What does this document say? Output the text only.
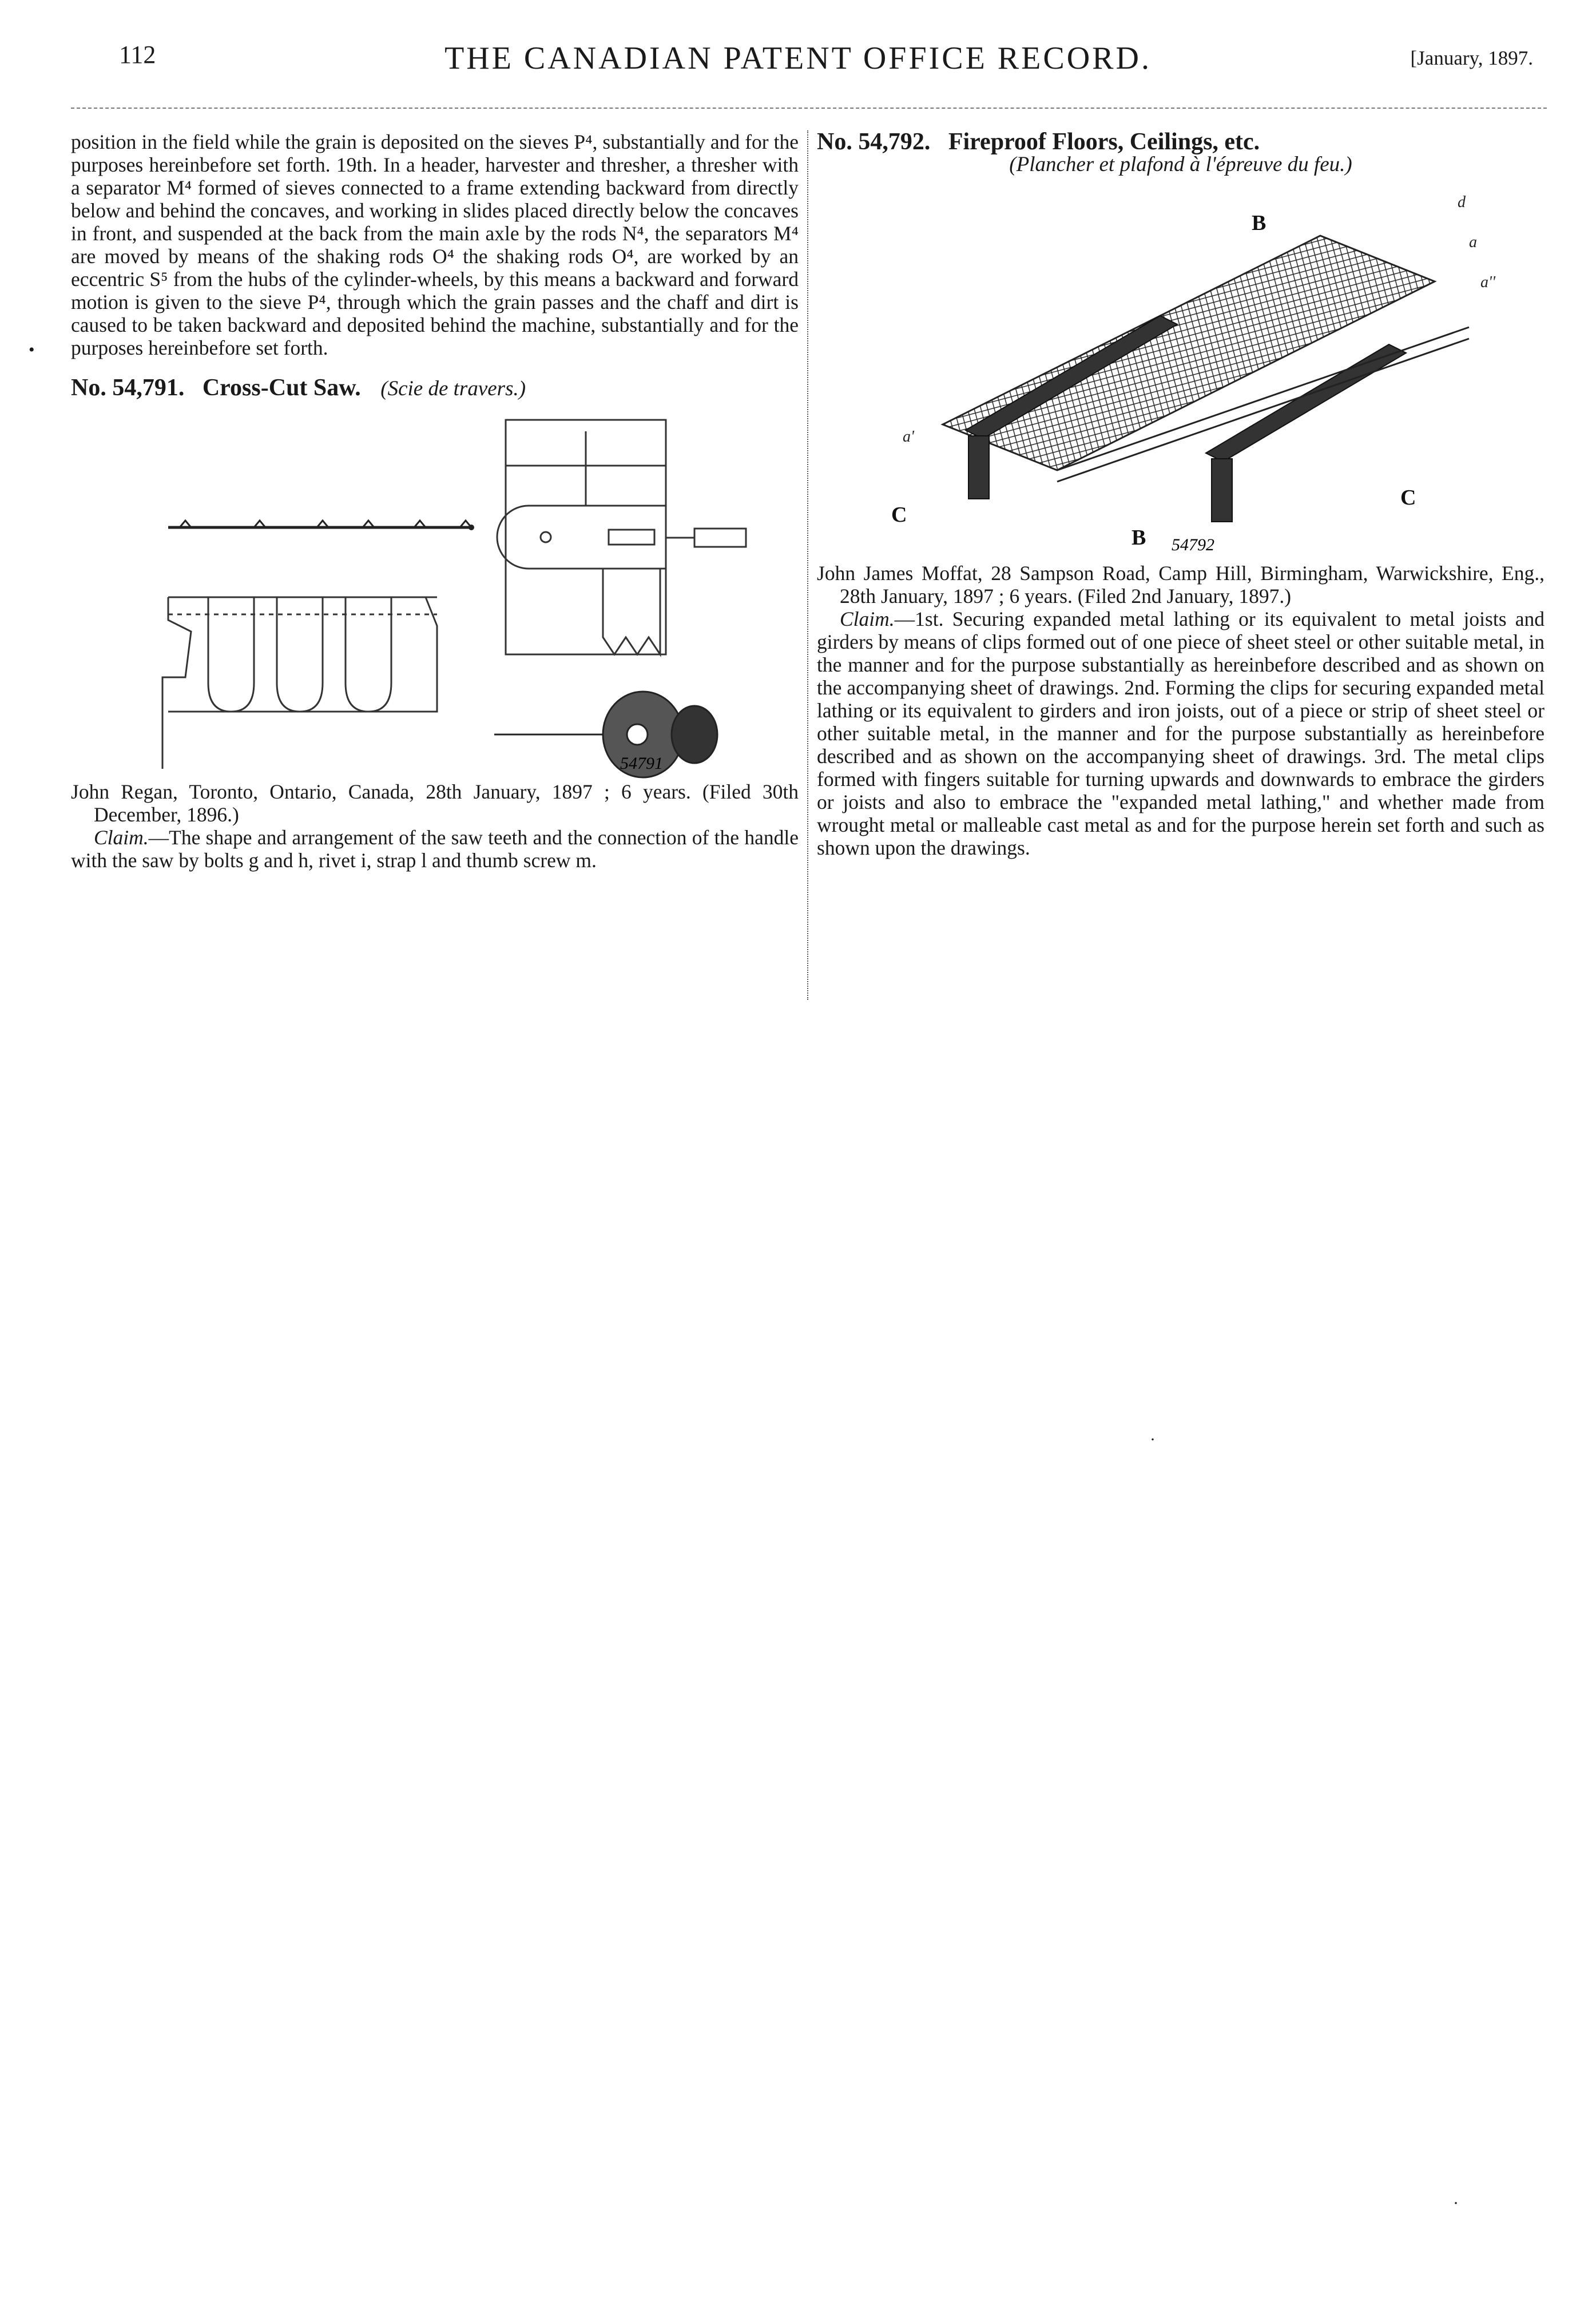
112	THE CANADIAN PATENT OFFICE RECORD.	[January, 1897.

position in the field while the grain is deposited on the sieves P⁴, substantially and for the purposes hereinbefore set forth. 19th. In a header, harvester and thresher, a thresher with a separator M⁴ formed of sieves connected to a frame extending backward from directly below and behind the concaves, and working in slides placed directly below the concaves in front, and suspended at the back from the main axle by the rods N⁴, the separators M⁴ are moved by means of the shaking rods O⁴ the shaking rods O⁴, are worked by an eccentric S⁵ from the hubs of the cylinder-wheels, by this means a backward and forward motion is given to the sieve P⁴, through which the grain passes and the chaff and dirt is caused to be taken backward and deposited behind the machine, substantially and for the purposes hereinbefore set forth.

No. 54,791. Cross-Cut Saw. (Scie de travers.)

54791

John Regan, Toronto, Ontario, Canada, 28th January, 1897 ; 6 years. (Filed 30th December, 1896.)

Claim.—The shape and arrangement of the saw teeth and the connection of the handle with the saw by bolts g and h, rivet i, strap l and thumb screw m.

No. 54,792. Fireproof Floors, Ceilings, etc.

(Plancher et plafond à l'épreuve du feu.)

B
B
C
C
d
a
a'
a''
54792

John James Moffat, 28 Sampson Road, Camp Hill, Birmingham, Warwickshire, Eng., 28th January, 1897 ; 6 years. (Filed 2nd January, 1897.)

Claim.—1st. Securing expanded metal lathing or its equivalent to metal joists and girders by means of clips formed out of one piece of sheet steel or other suitable metal, in the manner and for the purpose substantially as hereinbefore described and as shown on the accompanying sheet of drawings. 2nd. Forming the clips for securing expanded metal lathing or its equivalent to girders and iron joists, out of a piece or strip of sheet steel or other suitable metal, in the manner and for the purpose substantially as hereinbefore described and as shown on the accompanying sheet of drawings. 3rd. The metal clips formed with fingers suitable for turning upwards and downwards to embrace the girders or joists and also to embrace the "expanded metal lathing," and whether made from wrought metal or malleable cast metal as and for the purpose herein set forth and such as shown upon the drawings.

•
·
·
